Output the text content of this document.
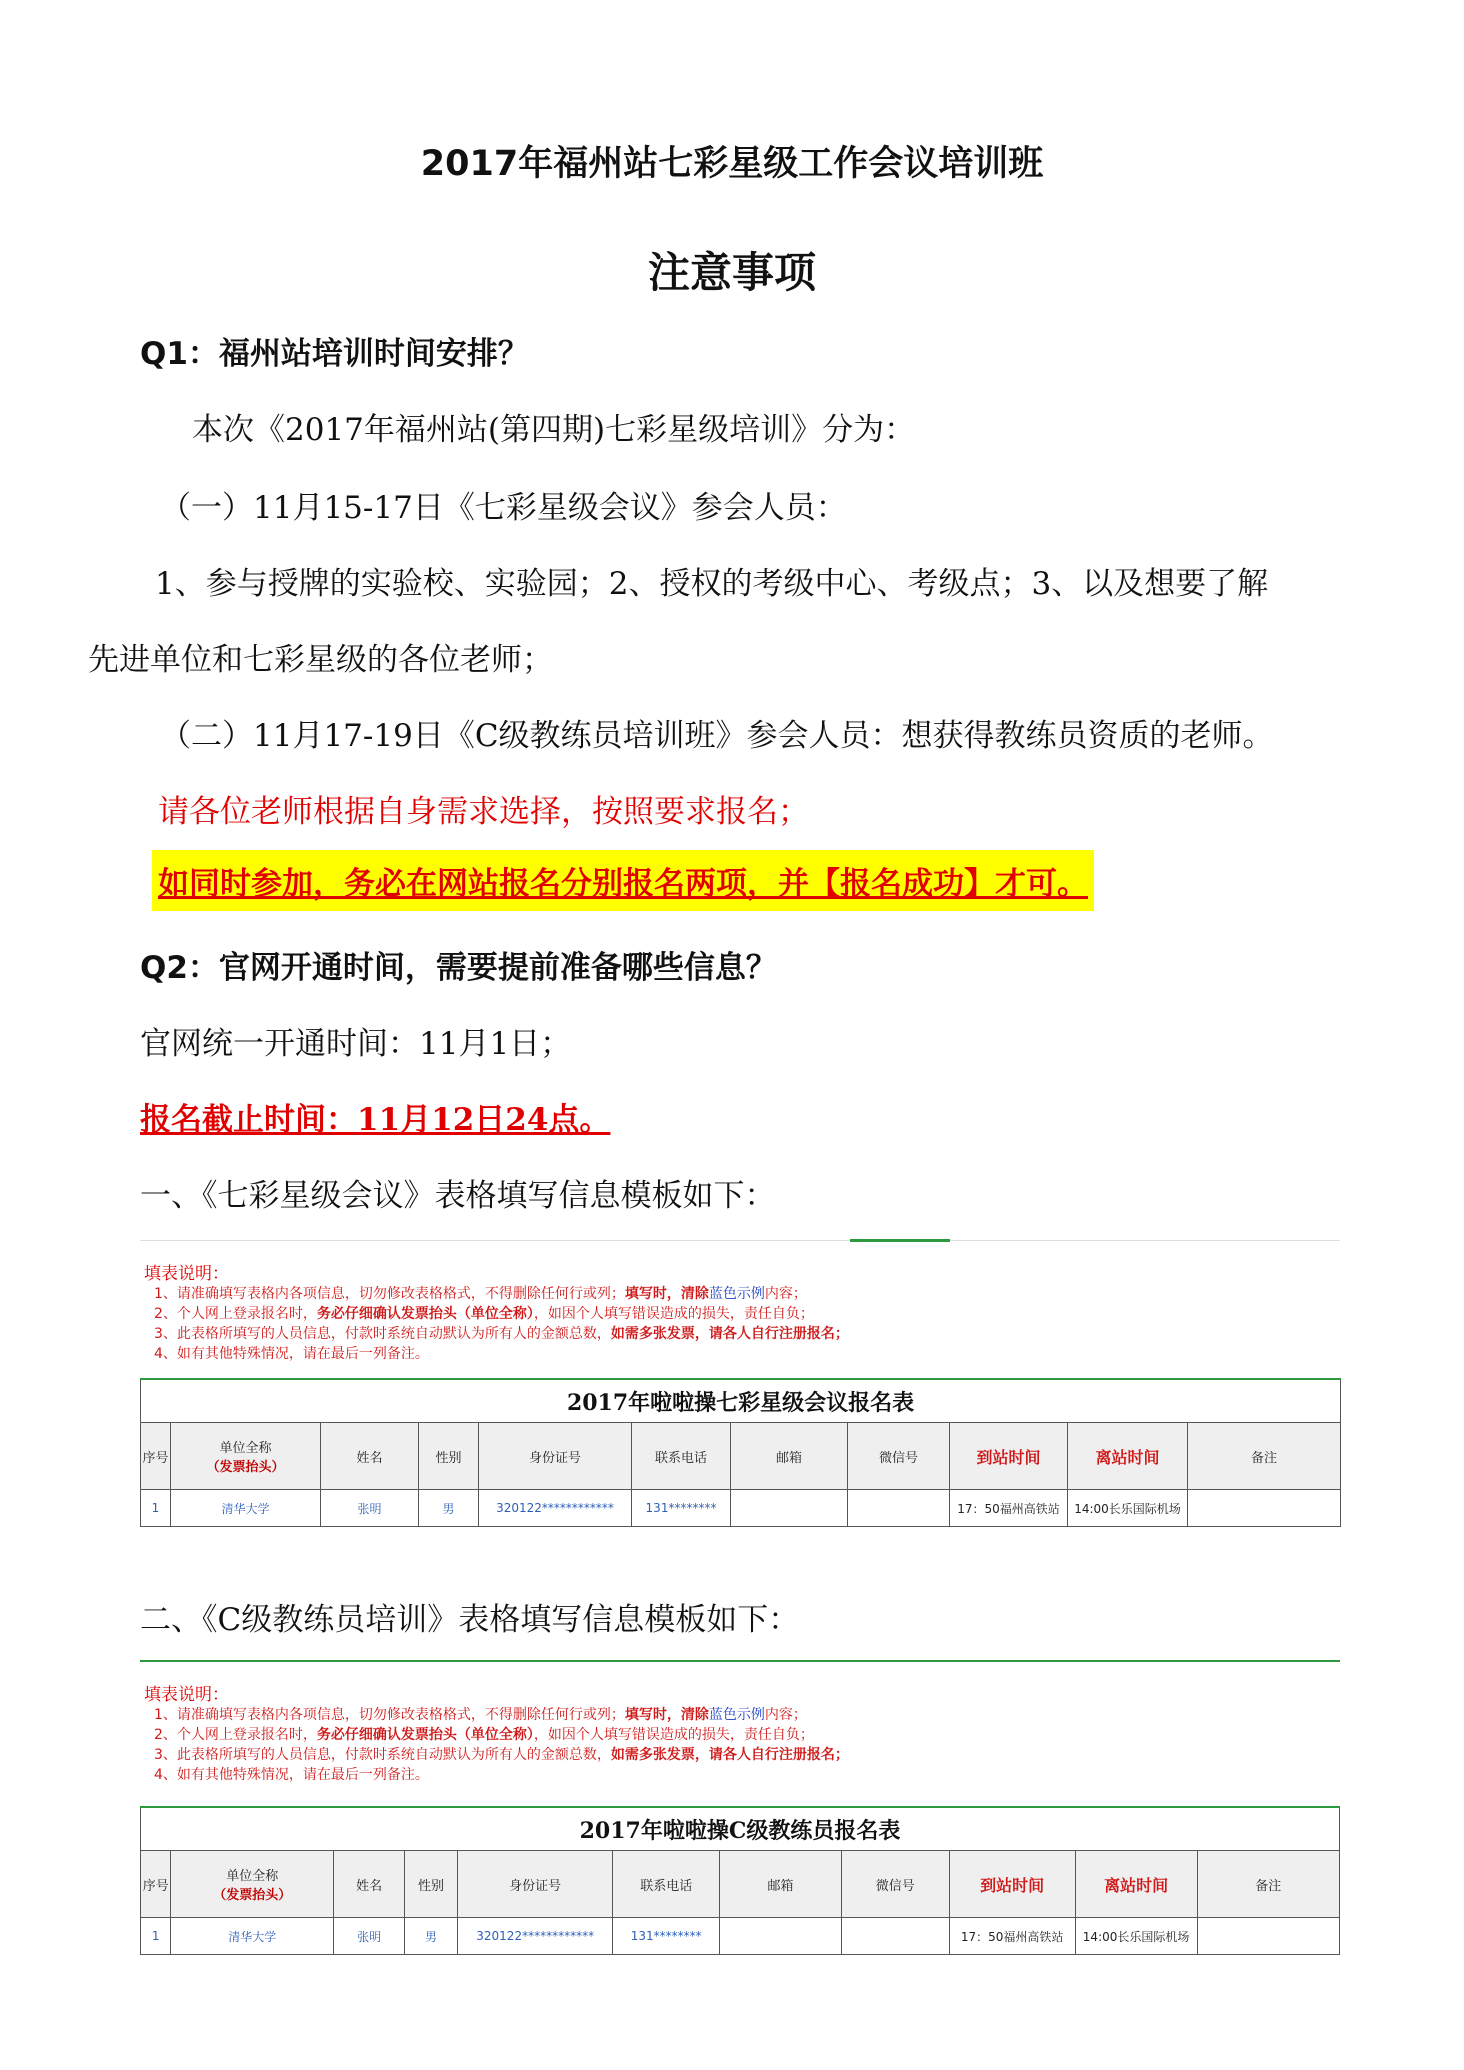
2017年福州站七彩星级工作会议培训班
注意事项
Q1：福州站培训时间安排？
本次《2017年福州站(第四期)七彩星级培训》分为：
（一）11月15-17日《七彩星级会议》参会人员：
1、参与授牌的实验校、实验园；2、授权的考级中心、考级点；3、以及想要了解
先进单位和七彩星级的各位老师；
（二）11月17-19日《C级教练员培训班》参会人员：想获得教练员资质的老师。
请各位老师根据自身需求选择，按照要求报名；
如同时参加，务必在网站报名分别报名两项，并【报名成功】才可。
Q2：官网开通时间，需要提前准备哪些信息？
官网统一开通时间：11月1日；
报名截止时间：11月12日24点。
一、《七彩星级会议》表格填写信息模板如下：
填表说明：
1、请准确填写表格内各项信息，切勿修改表格格式，不得删除任何行或列；填写时，清除蓝色示例内容；
2、个人网上登录报名时，务必仔细确认发票抬头（单位全称），如因个人填写错误造成的损失，责任自负；
3、此表格所填写的人员信息，付款时系统自动默认为所有人的金额总数，如需多张发票，请各人自行注册报名；
4、如有其他特殊情况，请在最后一列备注。
2017年啦啦操七彩星级会议报名表										
序号	单位全称
（发票抬头）	姓名	性别	身份证号	联系电话	邮箱	微信号	到站时间	离站时间	备注
1	清华大学	张明	男	320122************	131********			17：50福州高铁站	14:00长乐国际机场	
二、《C级教练员培训》表格填写信息模板如下：
填表说明：
1、请准确填写表格内各项信息，切勿修改表格格式，不得删除任何行或列；填写时，清除蓝色示例内容；
2、个人网上登录报名时，务必仔细确认发票抬头（单位全称），如因个人填写错误造成的损失，责任自负；
3、此表格所填写的人员信息，付款时系统自动默认为所有人的金额总数，如需多张发票，请各人自行注册报名；
4、如有其他特殊情况，请在最后一列备注。
2017年啦啦操C级教练员报名表										
序号	单位全称
（发票抬头）	姓名	性别	身份证号	联系电话	邮箱	微信号	到站时间	离站时间	备注
1	清华大学	张明	男	320122************	131********			17：50福州高铁站	14:00长乐国际机场	
